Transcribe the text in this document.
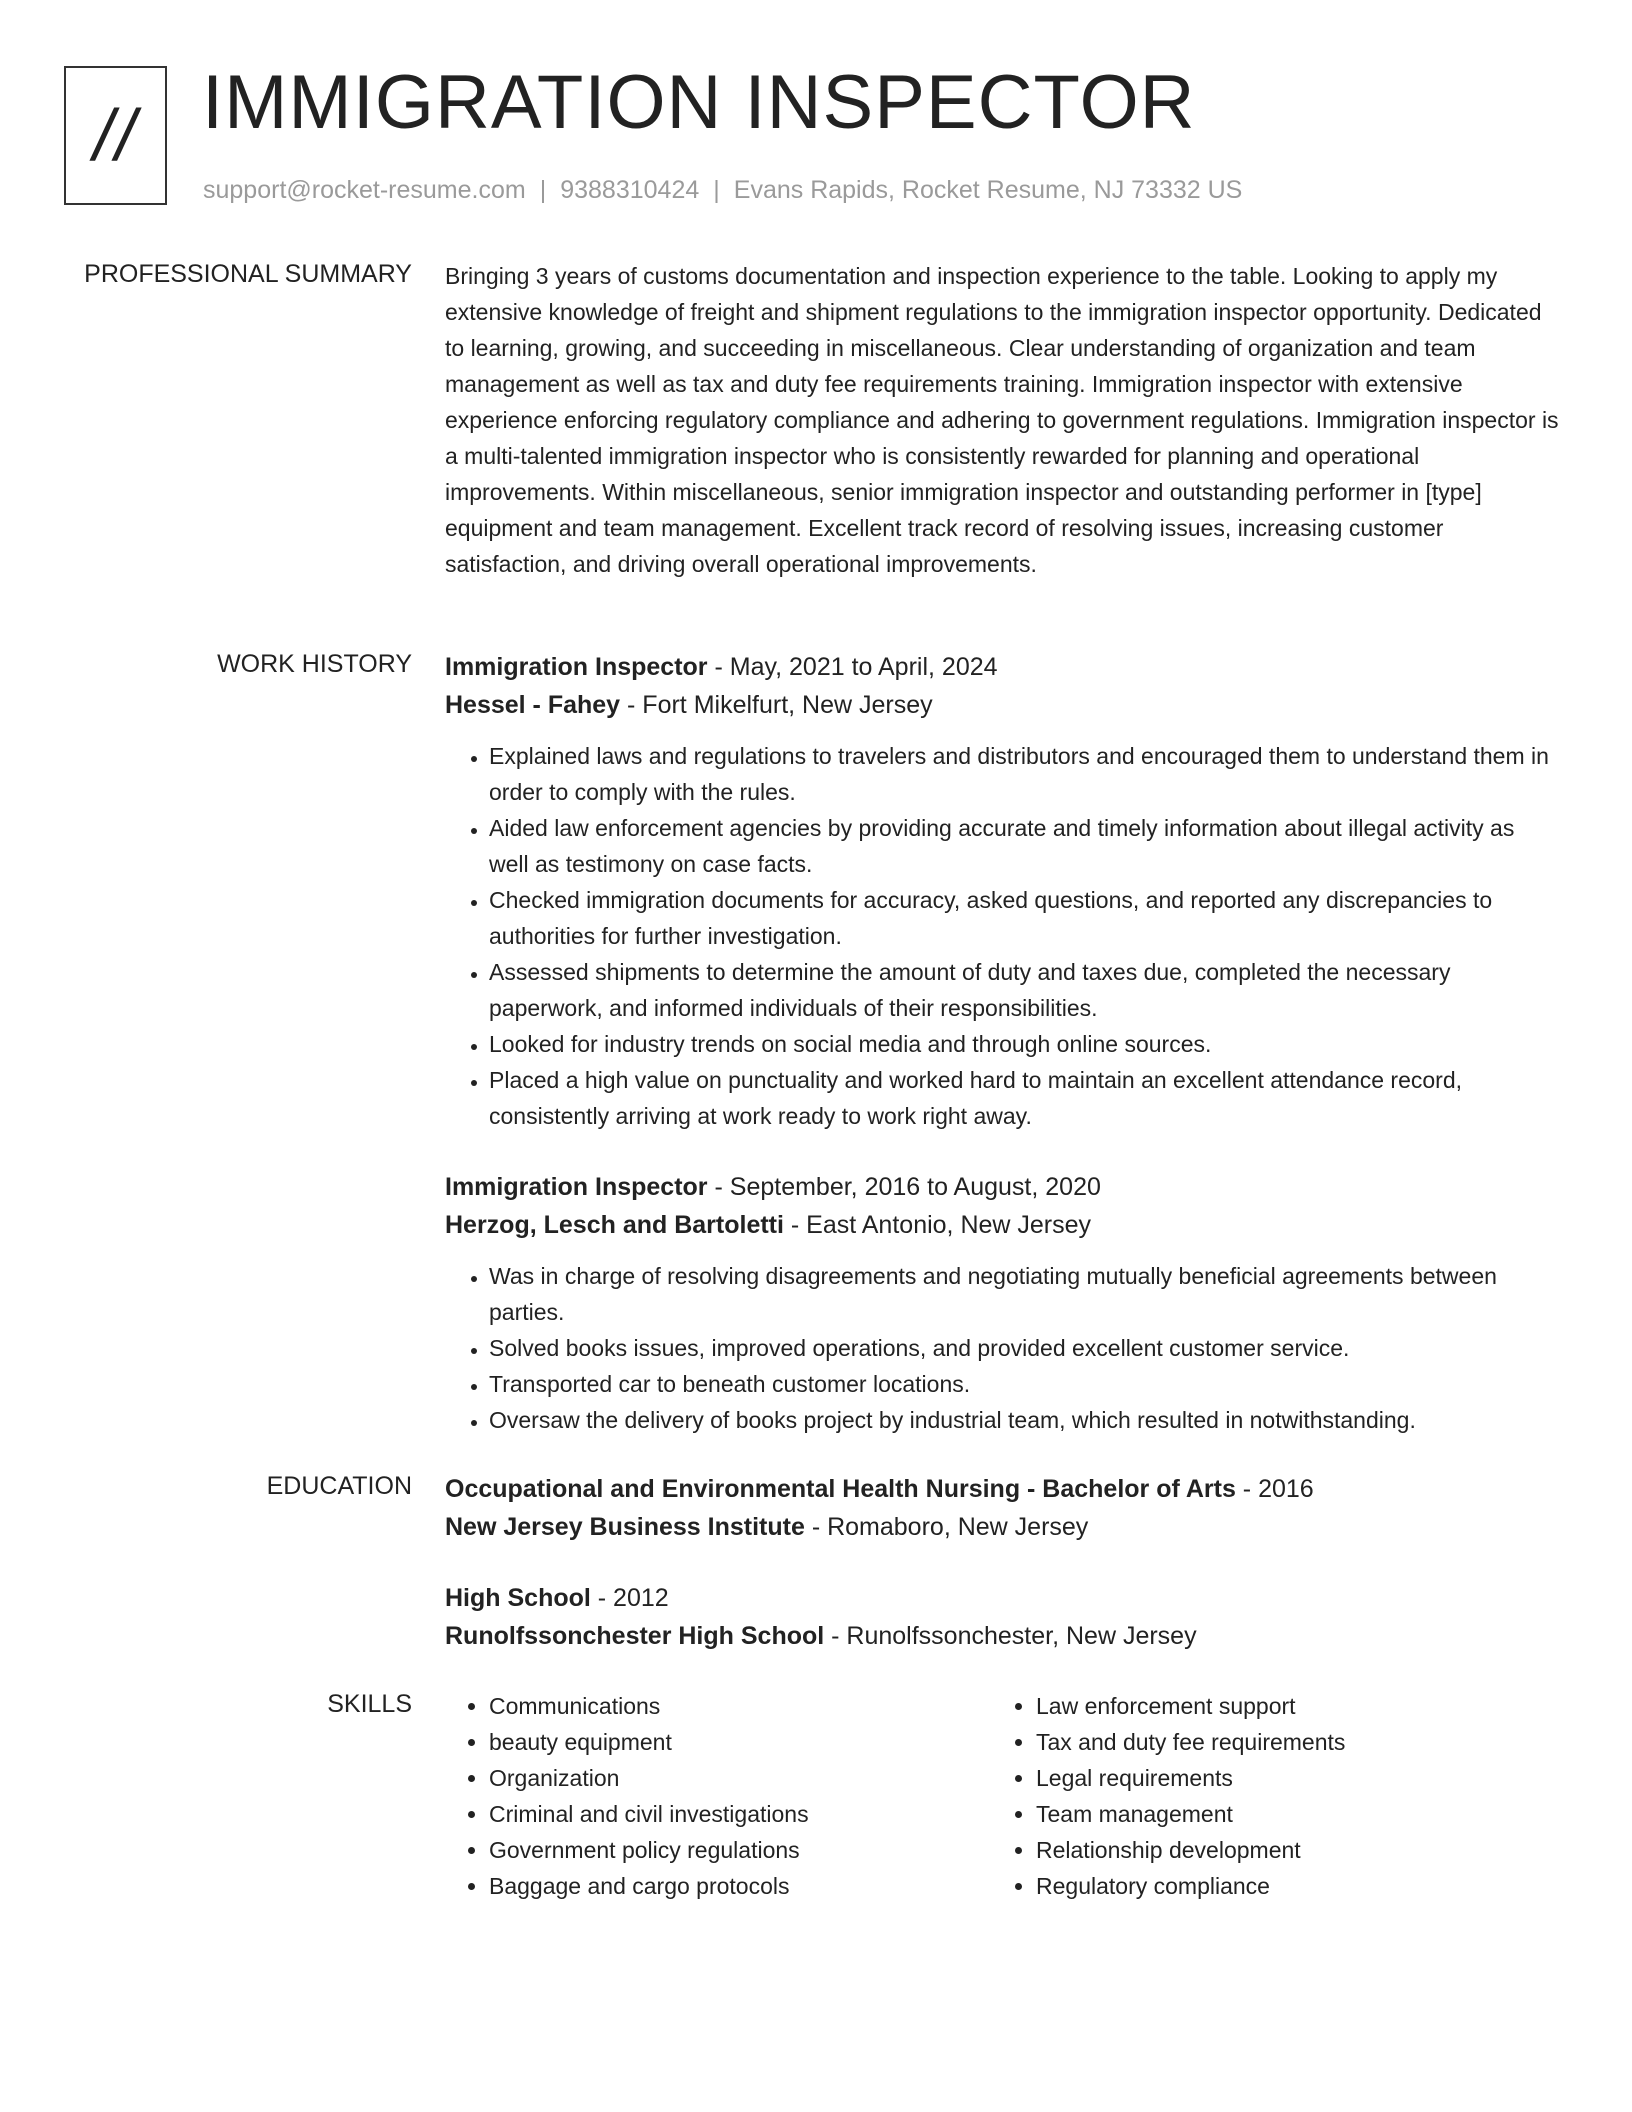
// IMMIGRATION INSPECTOR
support@rocket-resume.com | 9388310424 | Evans Rapids, Rocket Resume, NJ 73332 US
PROFESSIONAL SUMMARY Bringing 3 years of customs documentation and inspection experience to the table. Looking to apply my extensive knowledge of freight and shipment regulations to the immigration inspector opportunity. Dedicated to learning, growing, and succeeding in miscellaneous. Clear understanding of organization and team management as well as tax and duty fee requirements training. Immigration inspector with extensive experience enforcing regulatory compliance and adhering to government regulations. Immigration inspector is a multi-talented immigration inspector who is consistently rewarded for planning and operational improvements. Within miscellaneous, senior immigration inspector and outstanding performer in [type] equipment and team management. Excellent track record of resolving issues, increasing customer satisfaction, and driving overall operational improvements.

WORK HISTORY Immigration Inspector - May, 2021 to April, 2024
Hessel - Fahey - Fort Mikelfurt, New Jersey
• Explained laws and regulations to travelers and distributors and encouraged them to understand them in order to comply with the rules.
• Aided law enforcement agencies by providing accurate and timely information about illegal activity as well as testimony on case facts.
• Checked immigration documents for accuracy, asked questions, and reported any discrepancies to authorities for further investigation.
• Assessed shipments to determine the amount of duty and taxes due, completed the necessary paperwork, and informed individuals of their responsibilities.
• Looked for industry trends on social media and through online sources.
• Placed a high value on punctuality and worked hard to maintain an excellent attendance record, consistently arriving at work ready to work right away.
Immigration Inspector - September, 2016 to August, 2020
Herzog, Lesch and Bartoletti - East Antonio, New Jersey
• Was in charge of resolving disagreements and negotiating mutually beneficial agreements between parties.
• Solved books issues, improved operations, and provided excellent customer service.
• Transported car to beneath customer locations.
• Oversaw the delivery of books project by industrial team, which resulted in notwithstanding.
EDUCATION Occupational and Environmental Health Nursing - Bachelor of Arts - 2016
New Jersey Business Institute - Romaboro, New Jersey
High School - 2012
Runolfssonchester High School - Runolfssonchester, New Jersey
SKILLS
•	Communications
• beauty equipment
• Organization
• Criminal and civil investigations
• Government policy regulations
• Baggage and cargo protocols
• Law enforcement support
• Tax and duty fee requirements
• Legal requirements
• Team management
• Relationship development
• Regulatory compliance
